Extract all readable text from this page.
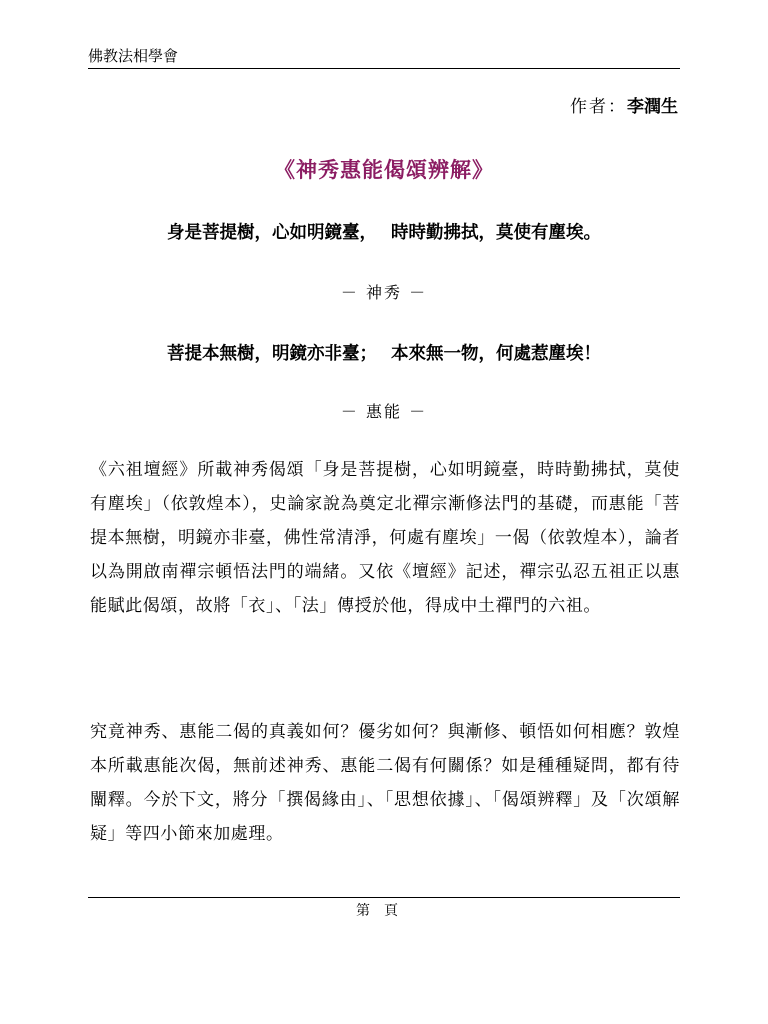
佛教法相學會
作者：李潤生
《神秀惠能偈頌辨解》
身是菩提樹，心如明鏡臺， 時時勤拂拭，莫使有塵埃。
－ 神秀 －
菩提本無樹，明鏡亦非臺； 本來無一物，何處惹塵埃！
－ 惠能 －
《六祖壇經》所載神秀偈頌「身是菩提樹，心如明鏡臺，時時勤拂拭，莫使有塵埃」（依敦煌本），史論家說為奠定北禪宗漸修法門的基礎，而惠能「菩提本無樹，明鏡亦非臺，佛性常清淨，何處有塵埃」一偈（依敦煌本），論者以為開啟南禪宗頓悟法門的端緒。又依《壇經》記述，禪宗弘忍五祖正以惠能賦此偈頌，故將「衣」、「法」傳授於他，得成中土禪門的六祖。
究竟神秀、惠能二偈的真義如何？優劣如何？與漸修、頓悟如何相應？敦煌本所載惠能次偈，無前述神秀、惠能二偈有何關係？如是種種疑問，都有待闡釋。今於下文，將分「撰偈緣由」、「思想依據」、「偈頌辨釋」及「次頌解疑」等四小節來加處理。
第頁
